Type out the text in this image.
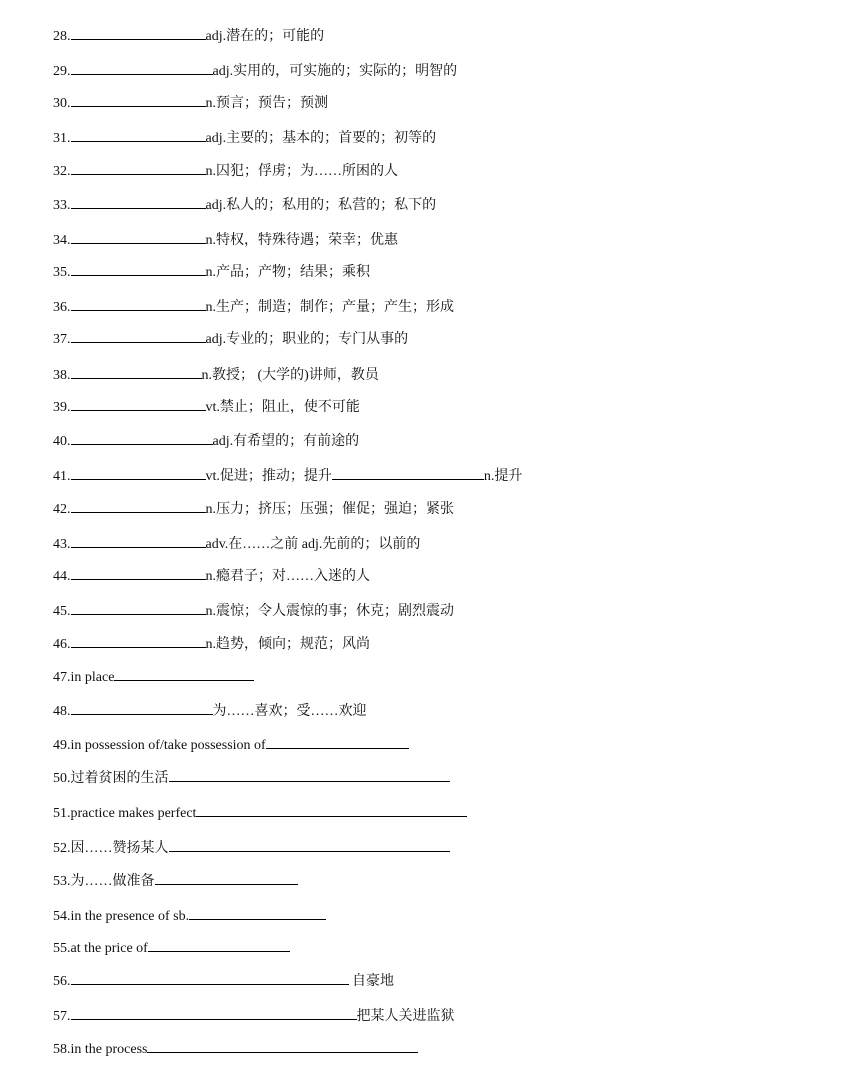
28.	adj.潜在的；可能的
29.	adj.实用的，可实施的；实际的；明智的
30.	n.预言；预告；预测
31.	adj.主要的；基本的；首要的；初等的
32.	n.囚犯；俘虏；为……所困的人
33.	adj.私人的；私用的；私营的；私下的
34.	n.特权，特殊待遇；荣幸；优惠
35.	n.产品；产物；结果；乘积
36.	n.生产；制造；制作；产量；产生；形成
37.	adj.专业的；职业的；专门从事的
38.	n.教授； (大学的)讲师，教员
39.	vt.禁止；阻止，使不可能
40.	adj.有希望的；有前途的
41.	vt.促进；推动；提升	n.提升
42.	n.压力；挤压；压强；催促；强迫；紧张
43.	adv.在……之前 adj.先前的；以前的
44.	n.瘾君子；对……入迷的人
45.	n.震惊；令人震惊的事；休克；剧烈震动
46.	n.趋势，倾向；规范；风尚
47.in place
48.	为……喜欢；受……欢迎
49.in possession of/take possession of
50.过着贫困的生活
51.practice makes perfect
52.因……赞扬某人
53.为……做准备
54.in the presence of sb.
55.at the price of
56.	自豪地
57.	把某人关进监狱
58.in the process
